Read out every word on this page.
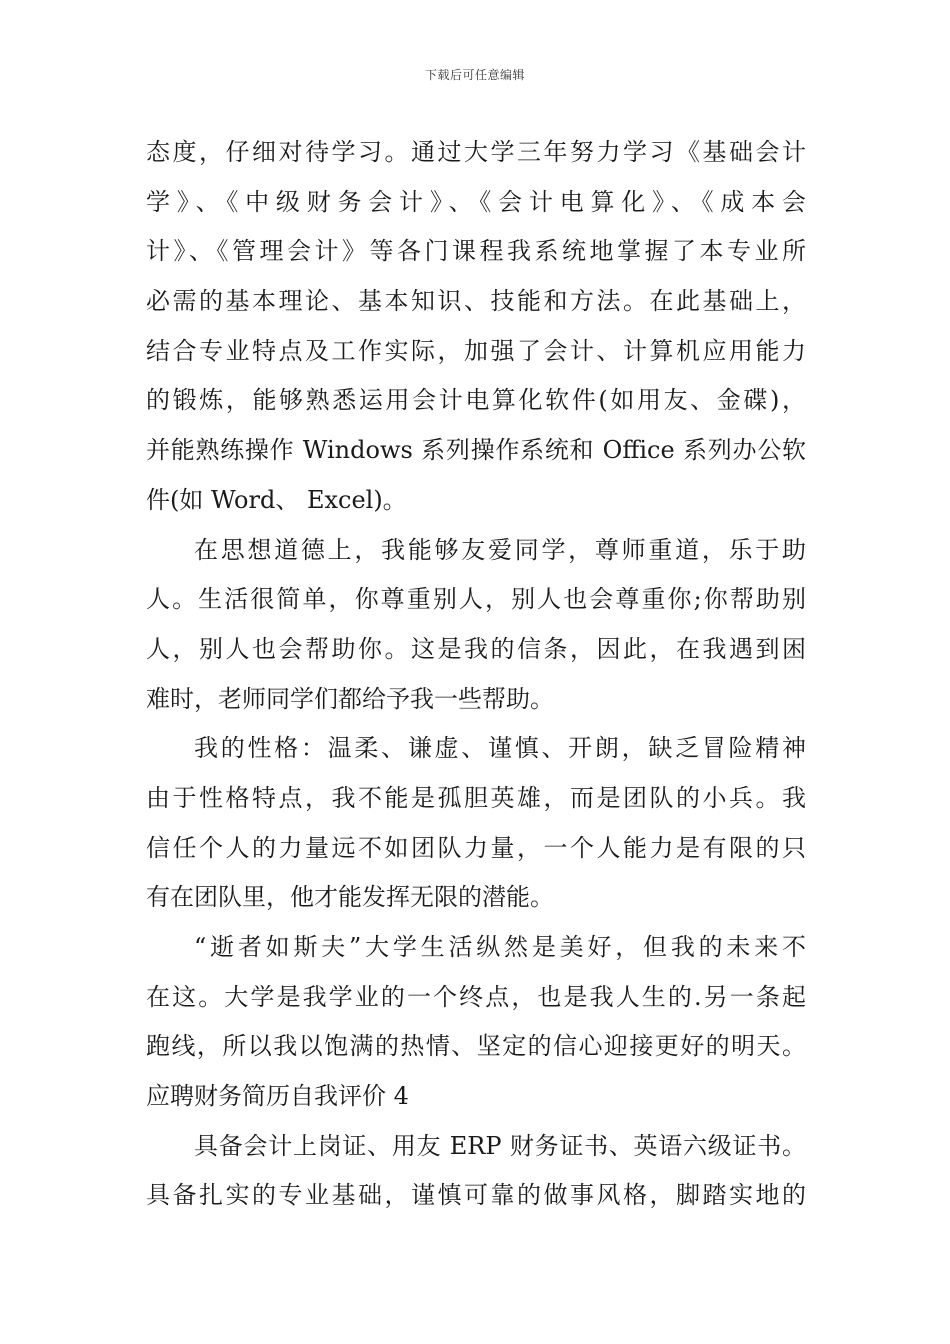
下载后可任意编辑
态度，仔细对待学习。通过大学三年努力学习《基础会计
学》、《中级财务会计》、《会计电算化》、《成本会
计》、《管理会计》等各门课程我系统地掌握了本专业所
必需的基本理论、基本知识、技能和方法。在此基础上，
结合专业特点及工作实际，加强了会计、计算机应用能力
的锻炼，能够熟悉运用会计电算化软件(如用友、金碟)，
并能熟练操作 Windows 系列操作系统和 Office 系列办公软
件(如 Word、 Excel)。
在思想道德上，我能够友爱同学，尊师重道，乐于助
人。生活很简单，你尊重别人，别人也会尊重你;你帮助别
人，别人也会帮助你。这是我的信条，因此，在我遇到困
难时，老师同学们都给予我一些帮助。
我的性格：温柔、谦虚、谨慎、开朗，缺乏冒险精神
由于性格特点，我不能是孤胆英雄，而是团队的小兵。我
信任个人的力量远不如团队力量，一个人能力是有限的只
有在团队里，他才能发挥无限的潜能。
“逝者如斯夫”大学生活纵然是美好，但我的未来不
在这。大学是我学业的一个终点，也是我人生的.另一条起
跑线，所以我以饱满的热情、坚定的信心迎接更好的明天。
应聘财务简历自我评价 4
具备会计上岗证、用友 ERP 财务证书、英语六级证书。
具备扎实的专业基础，谨慎可靠的做事风格，脚踏实地的
